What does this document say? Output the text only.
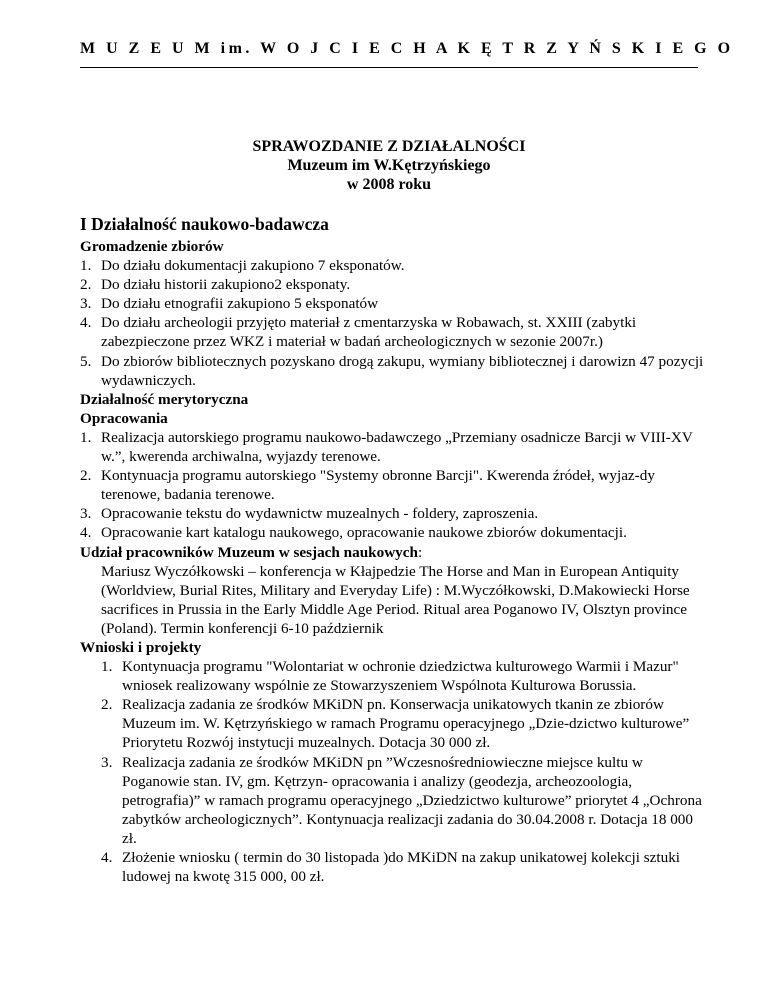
M U Z E U M im. W O J C I E C H A K Ę T R Z Y Ń S K I E G O
SPRAWOZDANIE Z DZIAŁALNOŚCI
Muzeum im W.Kętrzyńskiego
w 2008 roku
I Działalność naukowo-badawcza
Gromadzenie zbiorów
1. Do działu dokumentacji zakupiono 7 eksponatów.
2. Do działu historii zakupiono2 eksponaty.
3. Do działu etnografii zakupiono 5 eksponatów
4. Do działu archeologii przyjęto materiał z cmentarzyska w Robawach, st. XXIII (zabytki zabezpieczone przez WKZ i materiał w badań archeologicznych w sezonie 2007r.)
5. Do zbiorów bibliotecznych pozyskano drogą zakupu, wymiany bibliotecznej i darowizn 47 pozycji wydawniczych.
Działalność merytoryczna
Opracowania
1. Realizacja autorskiego programu naukowo-badawczego „Przemiany osadnicze Barcji w VIII-XV w.”, kwerenda archiwalna, wyjazdy terenowe.
2. Kontynuacja programu autorskiego "Systemy obronne Barcji". Kwerenda źródeł, wyjaz-dy terenowe, badania terenowe.
3. Opracowanie tekstu do wydawnictw muzealnych - foldery, zaproszenia.
4. Opracowanie kart katalogu naukowego, opracowanie naukowe zbiorów dokumentacji.
Udział pracowników Muzeum w sesjach naukowych:
Mariusz Wyczółkowski – konferencja w Kłajpedzie The Horse and Man in European Antiquity (Worldview, Burial Rites, Military and Everyday Life) : M.Wyczółkowski, D.Makowiecki Horse sacrifices in Prussia in the Early Middle Age Period. Ritual area Poganowo IV, Olsztyn province (Poland). Termin konferencji 6-10 październik
Wnioski i projekty
1. Kontynuacja programu "Wolontariat w ochronie dziedzictwa kulturowego Warmii i Mazur" wniosek realizowany wspólnie ze Stowarzyszeniem Wspólnota Kulturowa Borussia.
2. Realizacja zadania ze środków MKiDN pn. Konserwacja unikatowych tkanin ze zbiorów Muzeum im. W. Kętrzyńskiego w ramach Programu operacyjnego „Dzie-dzictwo kulturowe” Priorytetu Rozwój instytucji muzealnych. Dotacja 30 000 zł.
3. Realizacja zadania ze środków MKiDN pn ”Wczesnośredniowieczne miejsce kultu w Poganowie stan. IV, gm. Kętrzyn- opracowania i analizy (geodezja, archeozoologia, petrografia)” w ramach programu operacyjnego „Dziedzictwo kulturowe” priorytet 4 „Ochrona zabytków archeologicznych”. Kontynuacja realizacji zadania do 30.04.2008 r. Dotacja 18 000 zł.
4. Złożenie wniosku ( termin do 30 listopada )do MKiDN na zakup unikatowej kolekcji sztuki ludowej na kwotę 315 000, 00 zł.
